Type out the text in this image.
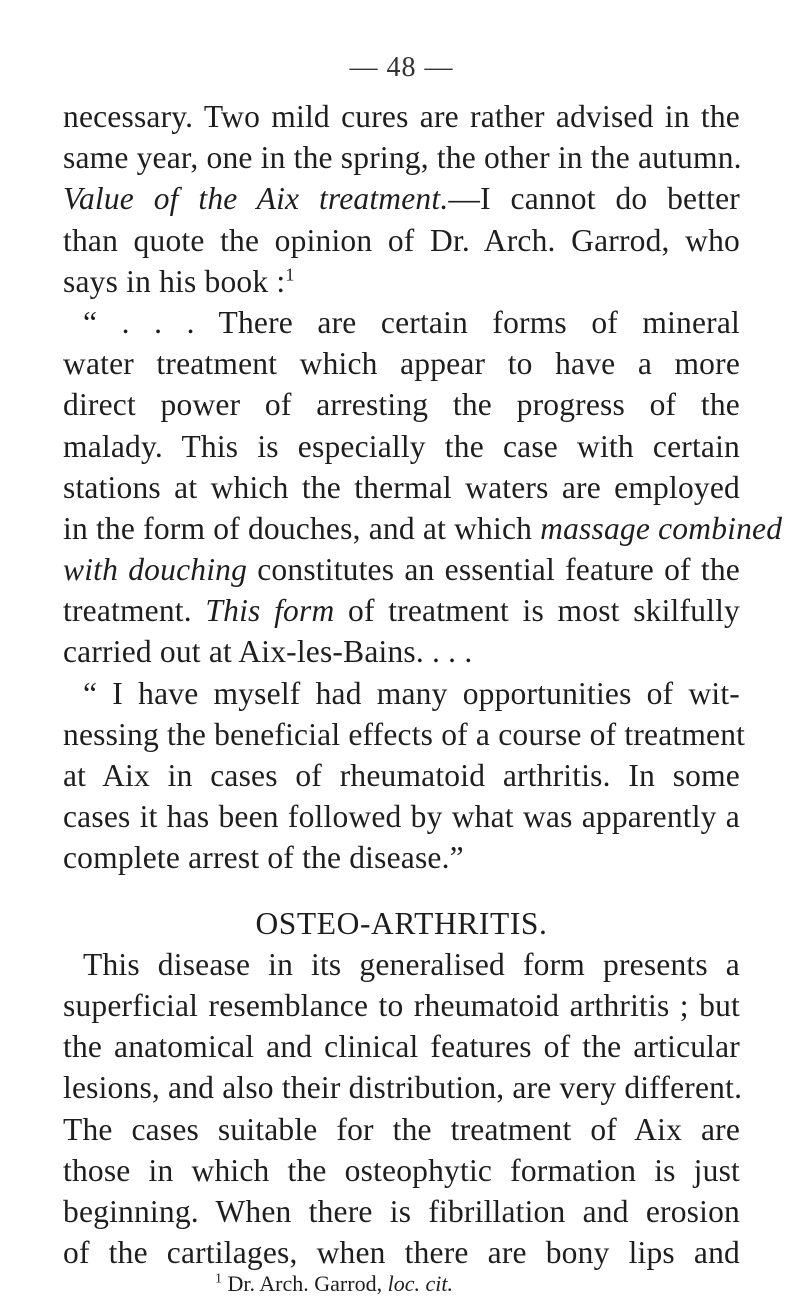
— 48 —
necessary. Two mild cures are rather advised in the
same year, one in the spring, the other in the autumn.
Value of the Aix treatment.—I cannot do better
than quote the opinion of Dr. Arch. Garrod, who
says in his book :$^1$
“ . . . There are certain forms of mineral
water treatment which appear to have a more
direct power of arresting the progress of the
malady. This is especially the case with certain
stations at which the thermal waters are employed
in the form of douches, and at which massage combined
with douching constitutes an essential feature of the
treatment. This form of treatment is most skilfully
carried out at Aix-les-Bains. . . .
“ I have myself had many opportunities of wit-
nessing the beneficial effects of a course of treatment
at Aix in cases of rheumatoid arthritis. In some
cases it has been followed by what was apparently a
complete arrest of the disease.”
OSTEO-ARTHRITIS.
This disease in its generalised form presents a
superficial resemblance to rheumatoid arthritis ; but
the anatomical and clinical features of the articular
lesions, and also their distribution, are very different.
The cases suitable for the treatment of Aix are
those in which the osteophytic formation is just
beginning. When there is fibrillation and erosion
of the cartilages, when there are bony lips and
$^1$ Dr. Arch. Garrod, loc. cit.
